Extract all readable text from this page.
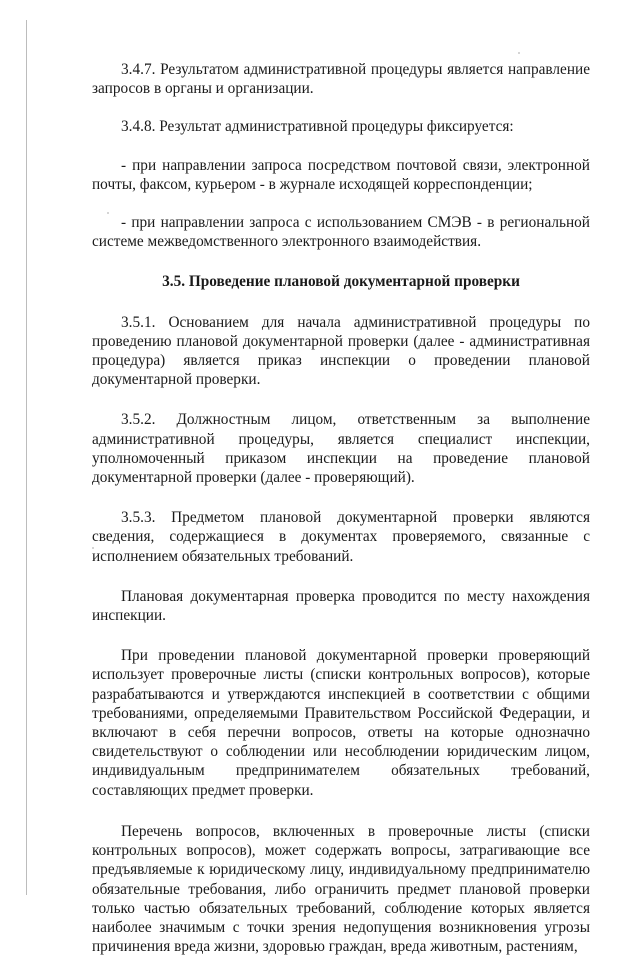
3.4.7. Результатом административной процедуры является направление запросов в органы и организации.

3.4.8. Результат административной процедуры фиксируется:

- при направлении запроса посредством почтовой связи, электронной почты, факсом, курьером - в журнале исходящей корреспонденции;

- при направлении запроса с использованием СМЭВ - в региональной системе межведомственного электронного взаимодействия.

3.5. Проведение плановой документарной проверки

3.5.1. Основанием для начала административной процедуры по проведению плановой документарной проверки (далее - административная процедура) является приказ инспекции о проведении плановой документарной проверки.

3.5.2. Должностным лицом, ответственным за выполнение административной процедуры, является специалист инспекции, уполномоченный приказом инспекции на проведение плановой документарной проверки (далее - проверяющий).

3.5.3. Предметом плановой документарной проверки являются сведения, содержащиеся в документах проверяемого, связанные с исполнением обязательных требований.

Плановая документарная проверка проводится по месту нахождения инспекции.

При проведении плановой документарной проверки проверяющий использует проверочные листы (списки контрольных вопросов), которые разрабатываются и утверждаются инспекцией в соответствии с общими требованиями, определяемыми Правительством Российской Федерации, и включают в себя перечни вопросов, ответы на которые однозначно свидетельствуют о соблюдении или несоблюдении юридическим лицом, индивидуальным предпринимателем обязательных требований, составляющих предмет проверки.

Перечень вопросов, включенных в проверочные листы (списки контрольных вопросов), может содержать вопросы, затрагивающие все предъявляемые к юридическому лицу, индивидуальному предпринимателю обязательные требования, либо ограничить предмет плановой проверки только частью обязательных требований, соблюдение которых является наиболее значимым с точки зрения недопущения возникновения угрозы причинения вреда жизни, здоровью граждан, вреда животным, растениям,
